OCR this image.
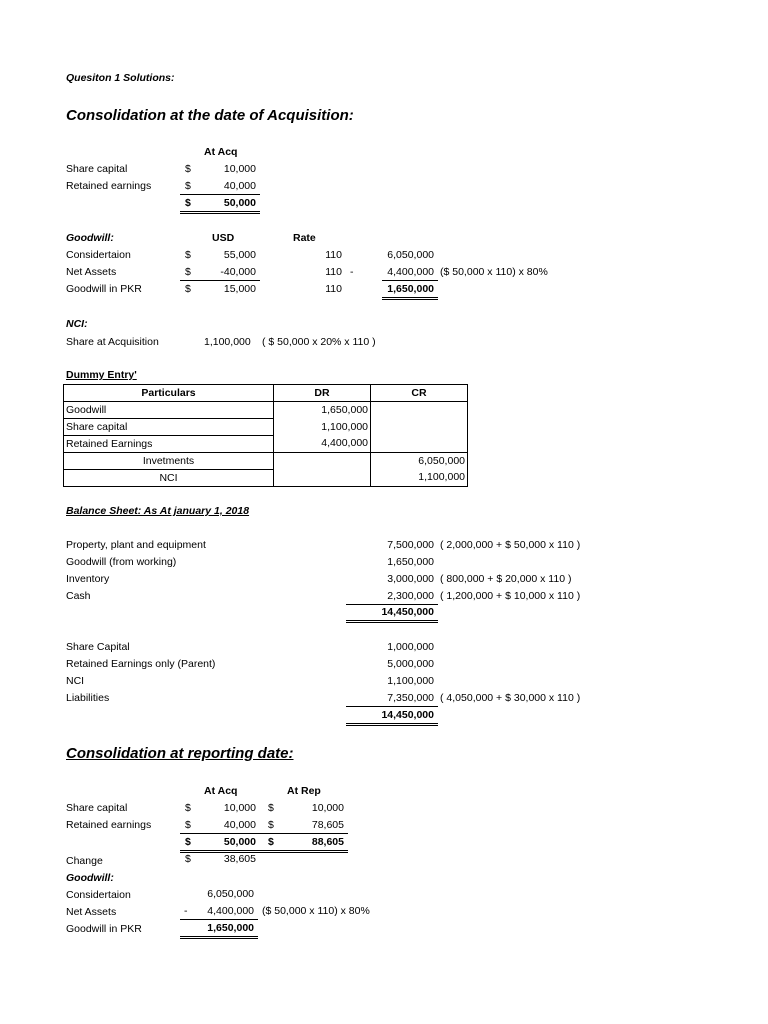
Quesiton 1 Solutions:
Consolidation at the date of Acquisition:
At Acq
Share capital	$	10,000
Retained earnings	$	40,000
$	50,000
Goodwill:	USD	Rate
Considertaion	$	55,000	110	6,050,000
Net Assets	$	-40,000	110 -	4,400,000 ($ 50,000 x 110) x 80%
Goodwill in PKR	$	15,000	110	1,650,000
NCI:
Share at Acquisition	1,100,000 ( $ 50,000 x 20% x 110 )
Dummy Entry'
Particulars	DR	CR
Goodwill	1,650,000	
Share capital	1,100,000	
Retained Earnings	4,400,000	
Invetments		6,050,000
NCI		1,100,000
Balance Sheet: As At january 1, 2018
Property, plant and equipment	7,500,000 ( 2,000,000 + $ 50,000 x 110 )
Goodwill (from working)	1,650,000
Inventory	3,000,000 ( 800,000 + $ 20,000 x 110 )
Cash	2,300,000 ( 1,200,000 + $ 10,000 x 110 )
14,450,000
Share Capital	1,000,000
Retained Earnings only (Parent)	5,000,000
NCI	1,100,000
Liabilities	7,350,000 ( 4,050,000 + $ 30,000 x 110 )
14,450,000
Consolidation at reporting date:
At Acq	At Rep
Share capital	$	10,000 $	10,000
Retained earnings	$	40,000 $	78,605
$	50,000 $	88,605
Change	$	38,605
Goodwill:
Considertaion	6,050,000
Net Assets	-	4,400,000 ($ 50,000 x 110) x 80%
Goodwill in PKR	1,650,000
